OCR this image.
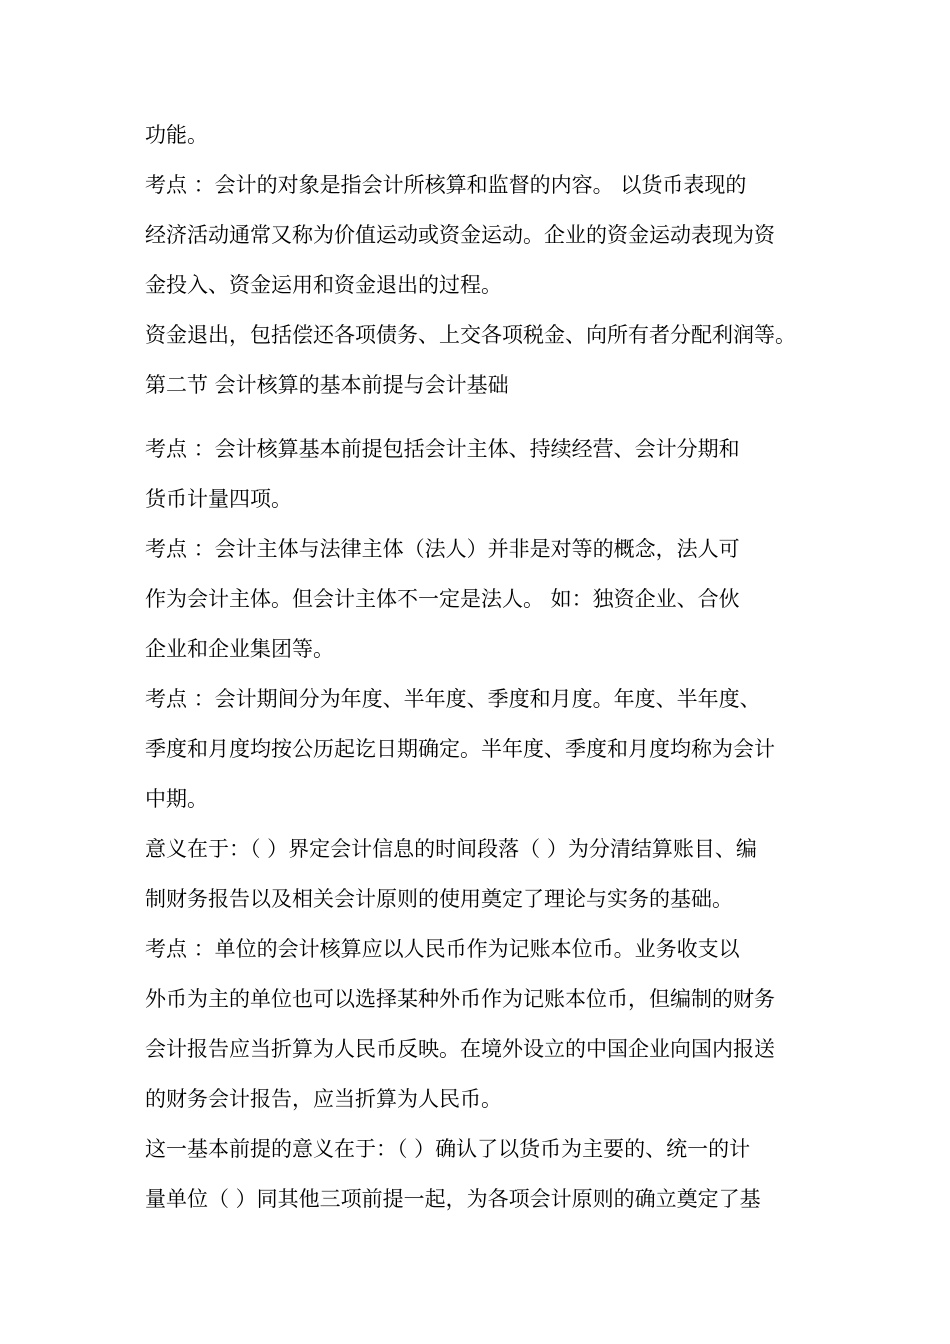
功能。
考点 ：会计的对象是指会计所核算和监督的内容。 以货币表现的
经济活动通常又称为价值运动或资金运动。企业的资金运动表现为资
金投入、资金运用和资金退出的过程。
资金退出，包括偿还各项债务、上交各项税金、向所有者分配利润等。
第二节 会计核算的基本前提与会计基础
考点 ：会计核算基本前提包括会计主体、持续经营、会计分期和
货币计量四项。
考点 ：会计主体与法律主体（法人）并非是对等的概念，法人可
作为会计主体。但会计主体不一定是法人。 如：独资企业、合伙
企业和企业集团等。
考点 ：会计期间分为年度、半年度、季度和月度。年度、半年度、
季度和月度均按公历起讫日期确定。半年度、季度和月度均称为会计
中期。
意义在于：（ ）界定会计信息的时间段落（ ）为分清结算账目、编
制财务报告以及相关会计原则的使用奠定了理论与实务的基础。
考点 ：单位的会计核算应以人民币作为记账本位币。业务收支以
外币为主的单位也可以选择某种外币作为记账本位币，但编制的财务
会计报告应当折算为人民币反映。在境外设立的中国企业向国内报送
的财务会计报告，应当折算为人民币。
这一基本前提的意义在于：（ ）确认了以货币为主要的、统一的计
量单位（ ）同其他三项前提一起，为各项会计原则的确立奠定了基
